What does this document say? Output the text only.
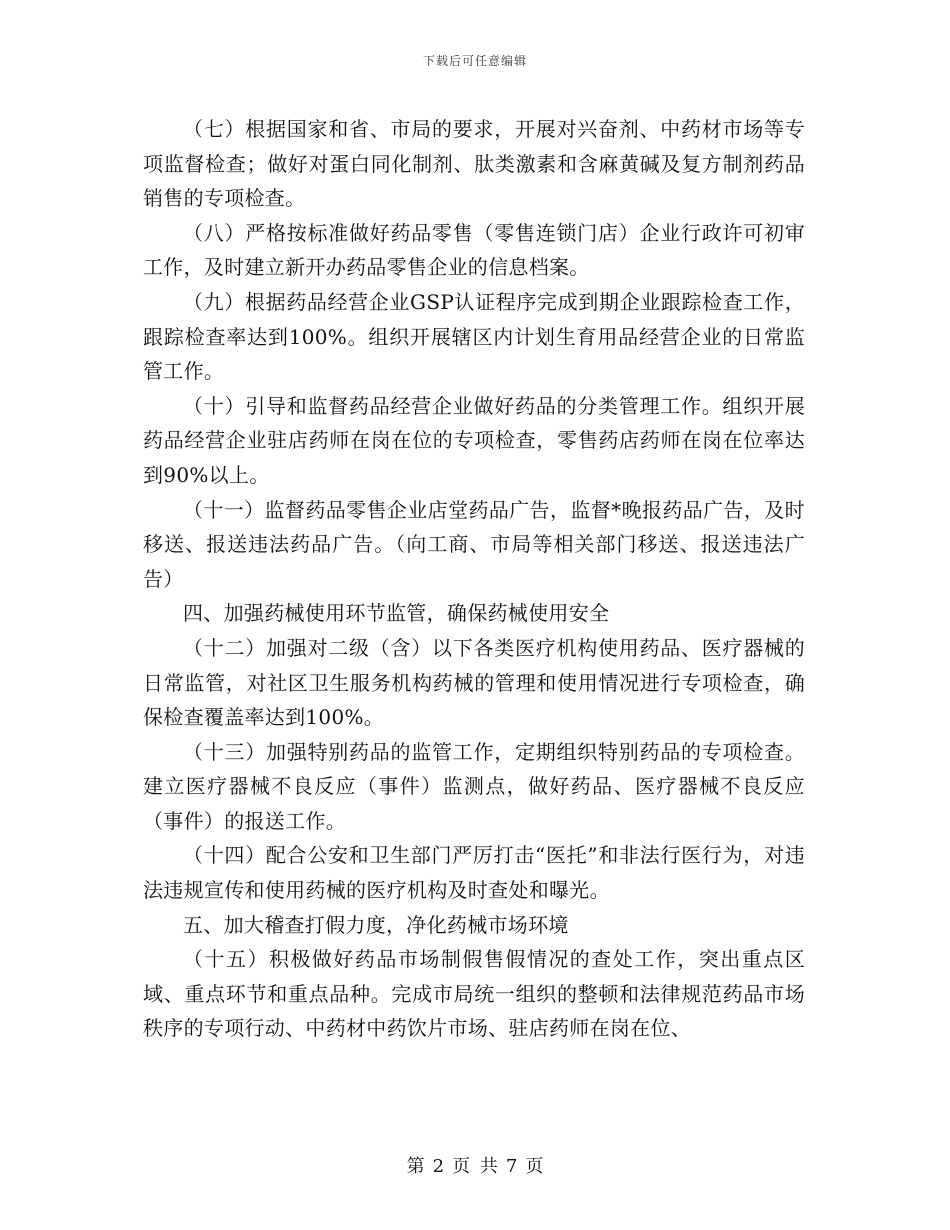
下载后可任意编辑

（七）根据国家和省、市局的要求，开展对兴奋剂、中药材市场等专项监督检查；做好对蛋白同化制剂、肽类激素和含麻黄碱及复方制剂药品销售的专项检查。

（八）严格按标准做好药品零售（零售连锁门店）企业行政许可初审工作，及时建立新开办药品零售企业的信息档案。

（九）根据药品经营企业GSP认证程序完成到期企业跟踪检查工作，跟踪检查率达到100%。组织开展辖区内计划生育用品经营企业的日常监管工作。

（十）引导和监督药品经营企业做好药品的分类管理工作。组织开展药品经营企业驻店药师在岗在位的专项检查，零售药店药师在岗在位率达到90%以上。

（十一）监督药品零售企业店堂药品广告，监督*晚报药品广告，及时移送、报送违法药品广告。（向工商、市局等相关部门移送、报送违法广告）

四、加强药械使用环节监管，确保药械使用安全

（十二）加强对二级（含）以下各类医疗机构使用药品、医疗器械的日常监管，对社区卫生服务机构药械的管理和使用情况进行专项检查，确保检查覆盖率达到100%。

（十三）加强特别药品的监管工作，定期组织特别药品的专项检查。建立医疗器械不良反应（事件）监测点，做好药品、医疗器械不良反应（事件）的报送工作。

（十四）配合公安和卫生部门严厉打击“医托”和非法行医行为，对违法违规宣传和使用药械的医疗机构及时查处和曝光。

五、加大稽查打假力度，净化药械市场环境

（十五）积极做好药品市场制假售假情况的查处工作，突出重点区域、重点环节和重点品种。完成市局统一组织的整顿和法律规范药品市场秩序的专项行动、中药材中药饮片市场、驻店药师在岗在位、

第 2 页 共 7 页
